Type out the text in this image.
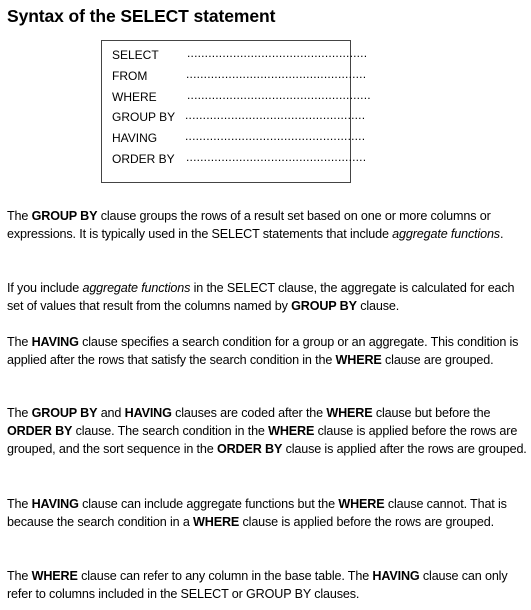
Syntax of the SELECT statement
SELECT ...................................................
FROM	...................................................
WHERE	....................................................
GROUP BY ...................................................
HAVING ...................................................
ORDER BY ...................................................

The GROUP BY clause groups the rows of a result set based on one or more columns or expressions. It is typically used in the SELECT statements that include aggregate functions.

If you include aggregate functions in the SELECT clause, the aggregate is calculated for each set of values that result from the columns named by GROUP BY clause.

The HAVING clause specifies a search condition for a group or an aggregate. This condition is applied after the rows that satisfy the search condition in the WHERE clause are grouped.

The GROUP BY and HAVING clauses are coded after the WHERE clause but before the ORDER BY clause. The search condition in the WHERE clause is applied before the rows are grouped, and the sort sequence in the ORDER BY clause is applied after the rows are grouped.

The HAVING clause can include aggregate functions but the WHERE clause cannot. That is because the search condition in a WHERE clause is applied before the rows are grouped.

The WHERE clause can refer to any column in the base table. The HAVING clause can only refer to columns included in the SELECT or GROUP BY clauses.
